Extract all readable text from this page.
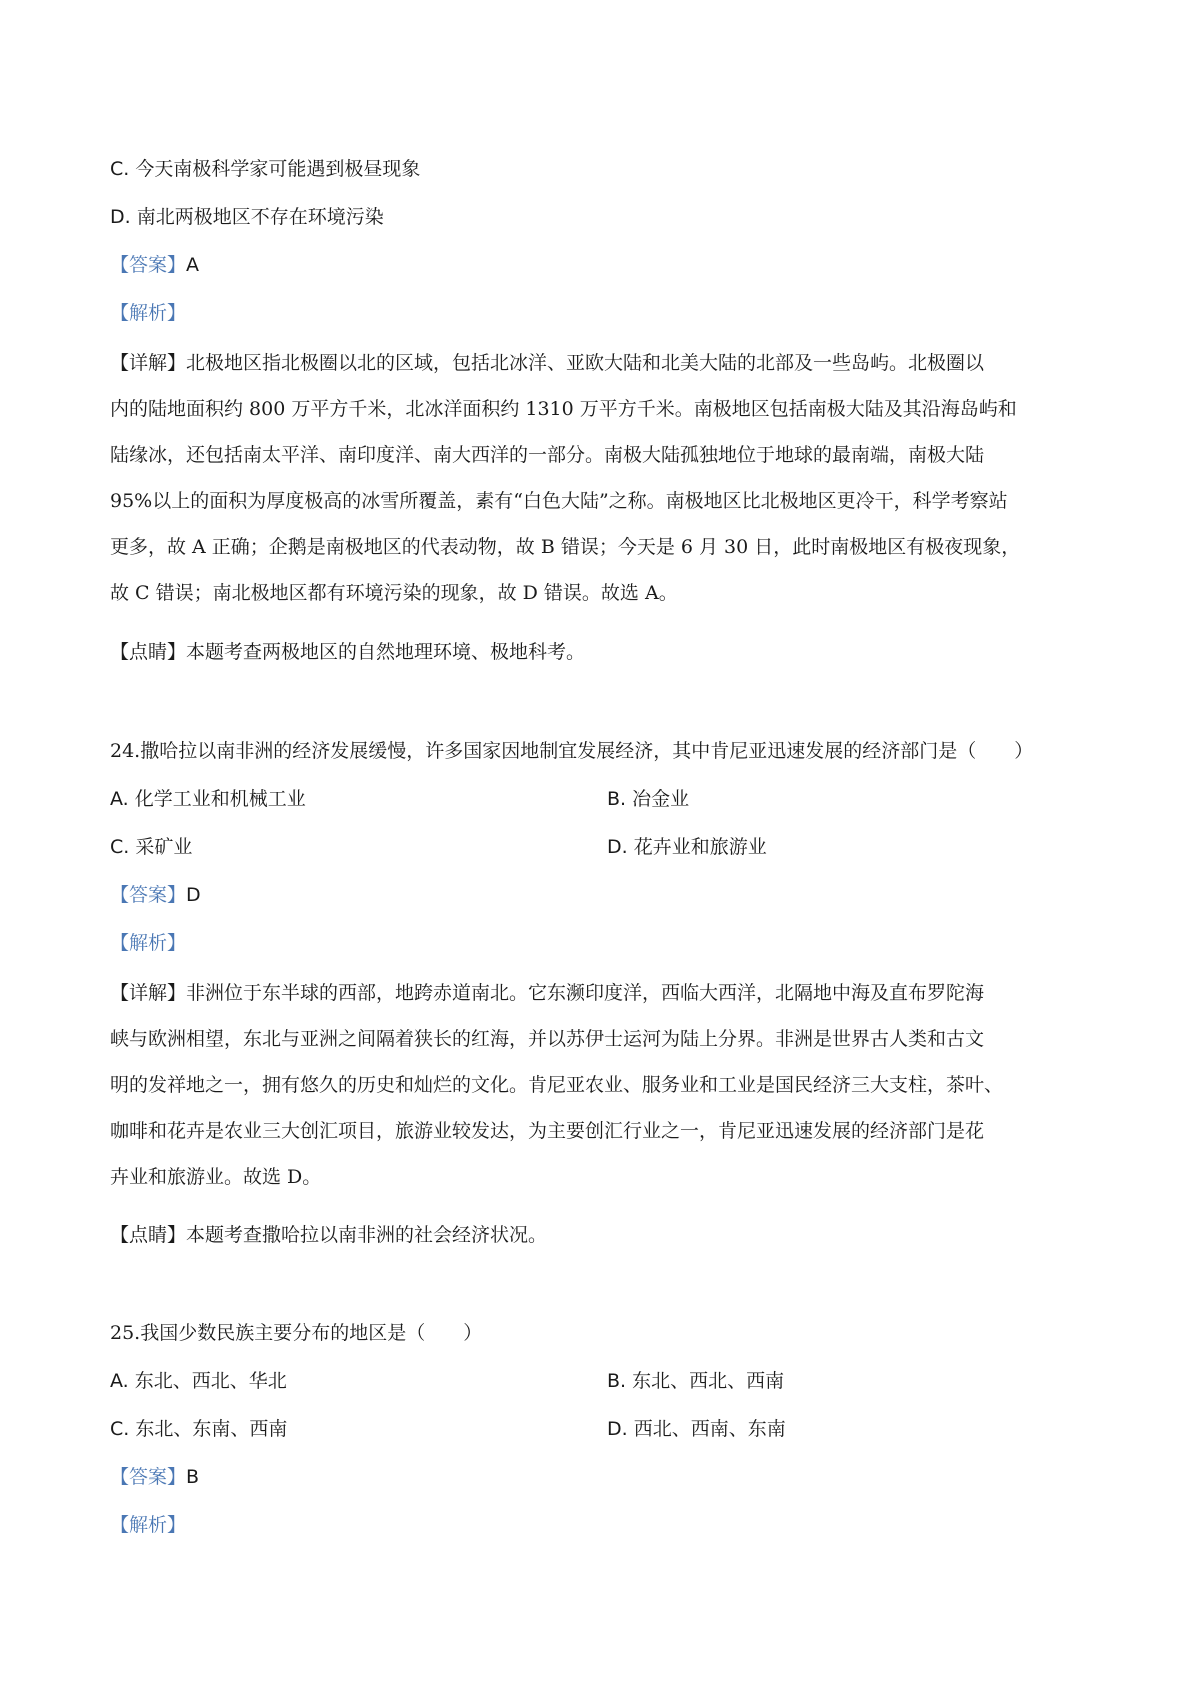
C. 今天南极科学家可能遇到极昼现象
D. 南北两极地区不存在环境污染
【答案】A
【解析】

【详解】北极地区指北极圈以北的区域，包括北冰洋、亚欧大陆和北美大陆的北部及一些岛屿。北极圈以

内的陆地面积约 800 万平方千米，北冰洋面积约 1310 万平方千米。南极地区包括南极大陆及其沿海岛屿和

陆缘冰，还包括南太平洋、南印度洋、南大西洋的一部分。南极大陆孤独地位于地球的最南端，南极大陆

95%以上的面积为厚度极高的冰雪所覆盖，素有“白色大陆”之称。南极地区比北极地区更冷干，科学考察站

更多，故 A 正确；企鹅是南极地区的代表动物，故 B 错误；今天是 6 月 30 日，此时南极地区有极夜现象，

故 C 错误；南北极地区都有环境污染的现象，故 D 错误。故选 A。

【点睛】本题考查两极地区的自然地理环境、极地科考。
24.撒哈拉以南非洲的经济发展缓慢，许多国家因地制宜发展经济，其中肯尼亚迅速发展的经济部门是（　　）
A. 化学工业和机械工业	B. 冶金业
C. 采矿业	D. 花卉业和旅游业
【答案】D
【解析】

【详解】非洲位于东半球的西部，地跨赤道南北。它东濒印度洋，西临大西洋，北隔地中海及直布罗陀海

峡与欧洲相望，东北与亚洲之间隔着狭长的红海，并以苏伊士运河为陆上分界。非洲是世界古人类和古文

明的发祥地之一，拥有悠久的历史和灿烂的文化。肯尼亚农业、服务业和工业是国民经济三大支柱，茶叶、

咖啡和花卉是农业三大创汇项目，旅游业较发达，为主要创汇行业之一，肯尼亚迅速发展的经济部门是花

卉业和旅游业。故选 D。

【点睛】本题考查撒哈拉以南非洲的社会经济状况。
25.我国少数民族主要分布的地区是（　　）
A. 东北、西北、华北	B. 东北、西北、西南
C. 东北、东南、西南	D. 西北、西南、东南
【答案】B
【解析】
